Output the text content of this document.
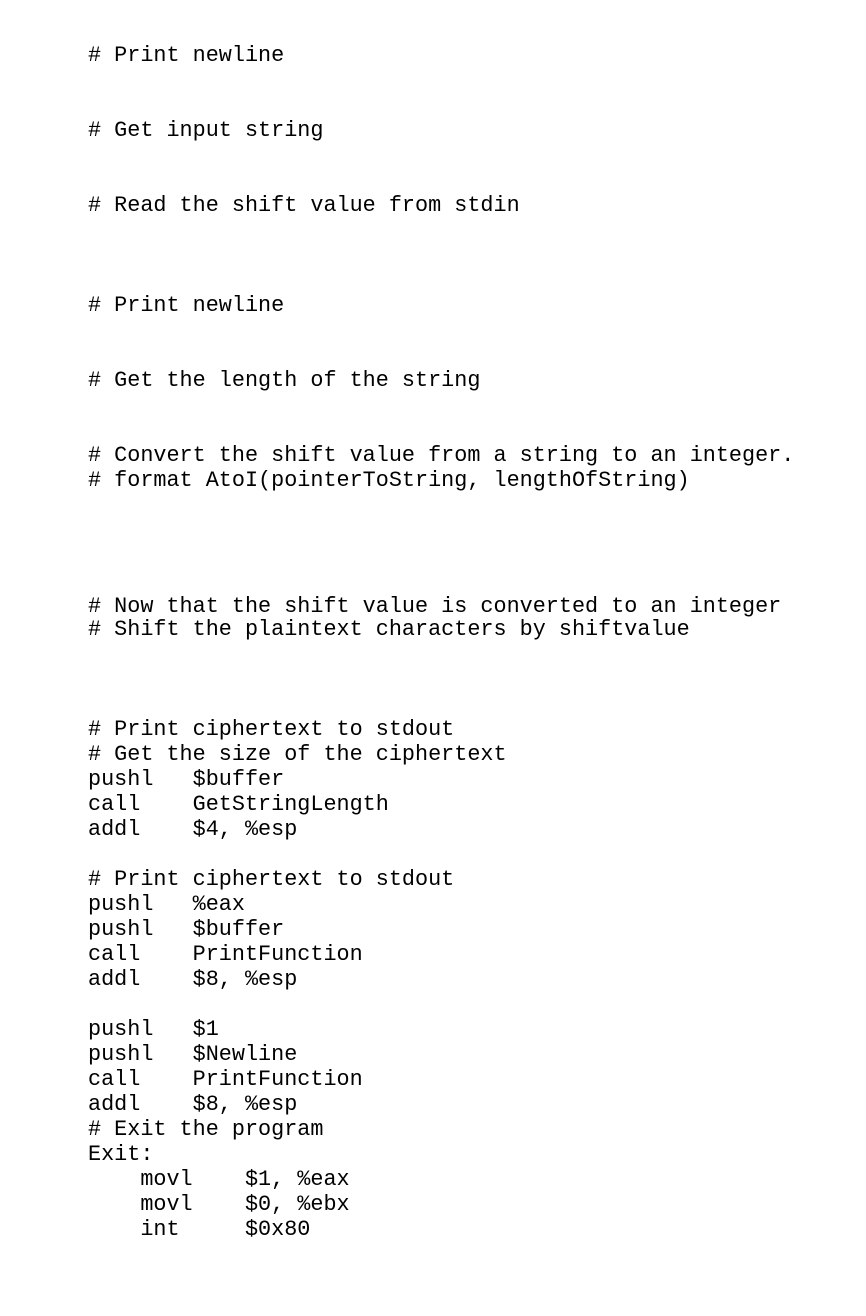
# Print newline
# Get input string
# Read the shift value from stdin
# Print newline
# Get the length of the string
# Convert the shift value from a string to an integer.
# format AtoI(pointerToString, lengthOfString)
# Now that the shift value is converted to an integer
# Shift the plaintext characters by shiftvalue
# Print ciphertext to stdout
# Get the size of the ciphertext
pushl   $buffer
call    GetStringLength
addl    $4, %esp
# Print ciphertext to stdout
pushl   %eax
pushl   $buffer
call    PrintFunction
addl    $8, %esp
pushl   $1
pushl   $Newline
call    PrintFunction
addl    $8, %esp
# Exit the program
Exit:
movl    $1, %eax
movl    $0, %ebx
int     $0x80
